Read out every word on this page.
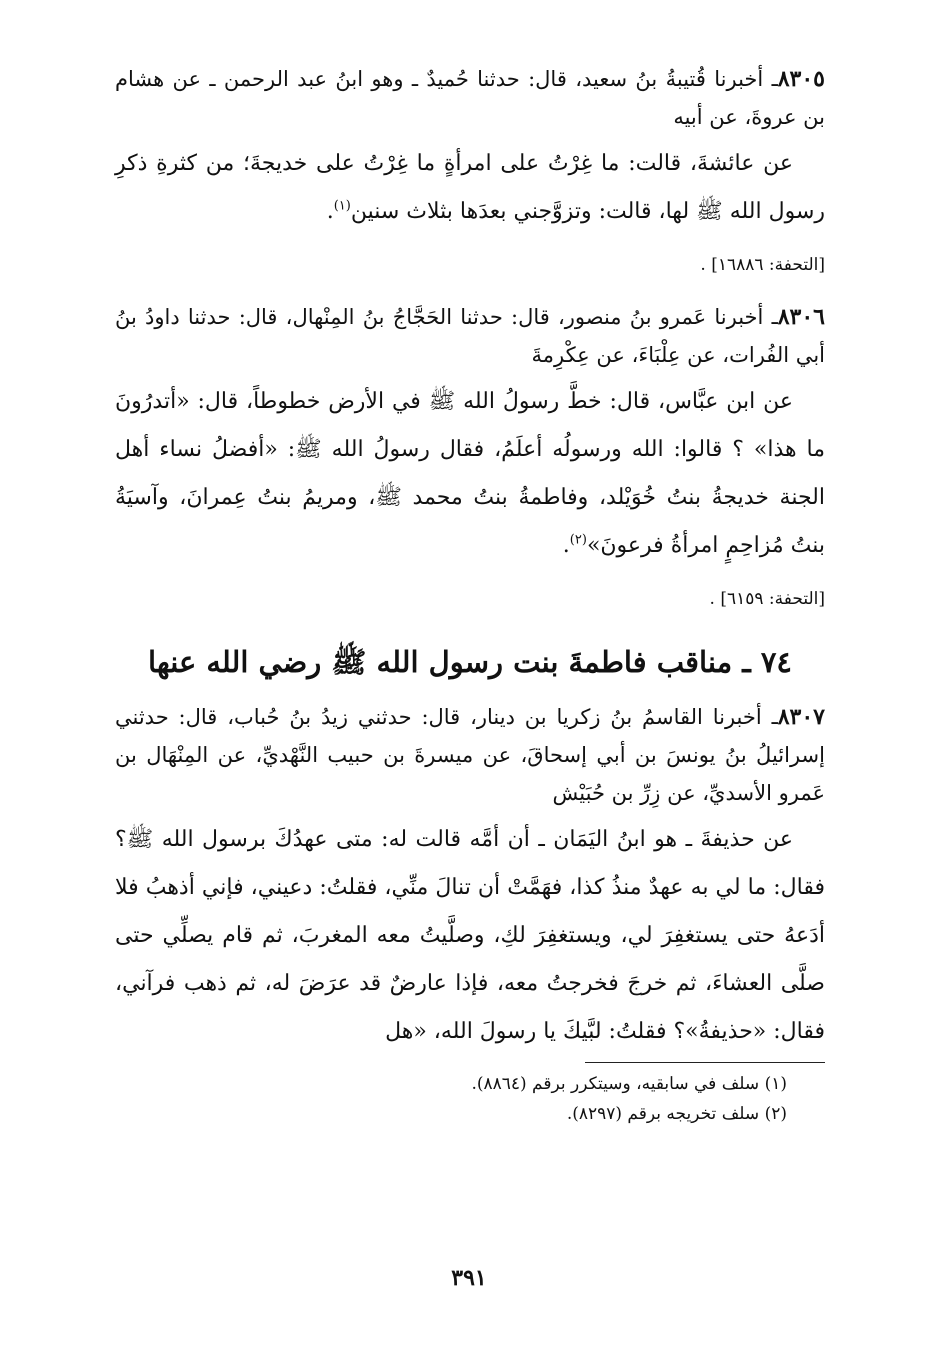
٨٣٠٥ـ أخبرنا قُتيبةُ بنُ سعيد، قال: حدثنا حُميدٌ ـ وهو ابنُ عبد الرحمن ـ عن هشام بن عروةَ، عن أبيه

عن عائشةَ، قالت: ما غِرْتُ على امرأةٍ ما غِرْتُ على خديجةَ؛ من كثرةِ ذكرِ رسول الله ﷺ لها، قالت: وتزوَّجني بعدَها بثلاث سنين$^{(١)}$.

[التحفة: ١٦٨٨٦] .

٨٣٠٦ـ أخبرنا عَمرو بنُ منصور، قال: حدثنا الحَجَّاجُ بنُ المِنْهال، قال: حدثنا داودُ بنُ أبي الفُرات، عن عِلْبَاءَ، عن عِكْرِمةَ

عن ابن عبَّاس، قال: خطَّ رسولُ الله ﷺ في الأرض خطوطاً، قال: «أتدرُونَ ما هذا» ؟ قالوا: الله ورسولُه أعلَمُ، فقال رسولُ الله ﷺ: «أفضلُ نساء أهل الجنة خديجةُ بنتُ خُوَيْلد، وفاطمةُ بنتُ محمد ﷺ، ومريمُ بنتُ عِمرانَ، وآسيَةُ بنتُ مُزاحِمٍ امرأةُ فرعونَ»$^{(٢)}$.

[التحفة: ٦١٥٩] .

٧٤ ـ مناقب فاطمةَ بنت رسول الله ﷺ رضي الله عنها

٨٣٠٧ـ أخبرنا القاسمُ بنُ زكريا بن دينار، قال: حدثني زيدُ بنُ حُباب، قال: حدثني إسرائيلُ بنُ يونسَ بن أبي إسحاقَ، عن ميسرةَ بن حبيب النَّهْديِّ، عن المِنْهَال بن عَمرو الأسديِّ، عن زِرِّ بن حُبَيْش

عن حذيفةَ ـ هو ابنُ اليَمَان ـ أن أمَّه قالت له: متى عهدُكَ برسول الله ﷺ؟ فقال: ما لي به عهدٌ منذُ كذا، فهَمَّتْ أن تنالَ منِّي، فقلتُ: دعيني، فإني أذهبُ فلا أدَعهُ حتى يستغفِرَ لي، ويستغفِرَ لكِ، وصلَّيتُ معه المغربَ، ثم قام يصلِّي حتى صلَّى العشاءَ، ثم خرجَ فخرجتُ معه، فإذا عارضٌ قد عرَضَ له، ثم ذهب فرآني، فقال: «حذيفةُ»؟ فقلتُ: لبَّيكَ يا رسولَ الله، «هل

(١) سلف في سابقيه، وسيتكرر برقم (٨٨٦٤).
(٢) سلف تخريجه برقم (٨٢٩٧).
٣٩١
